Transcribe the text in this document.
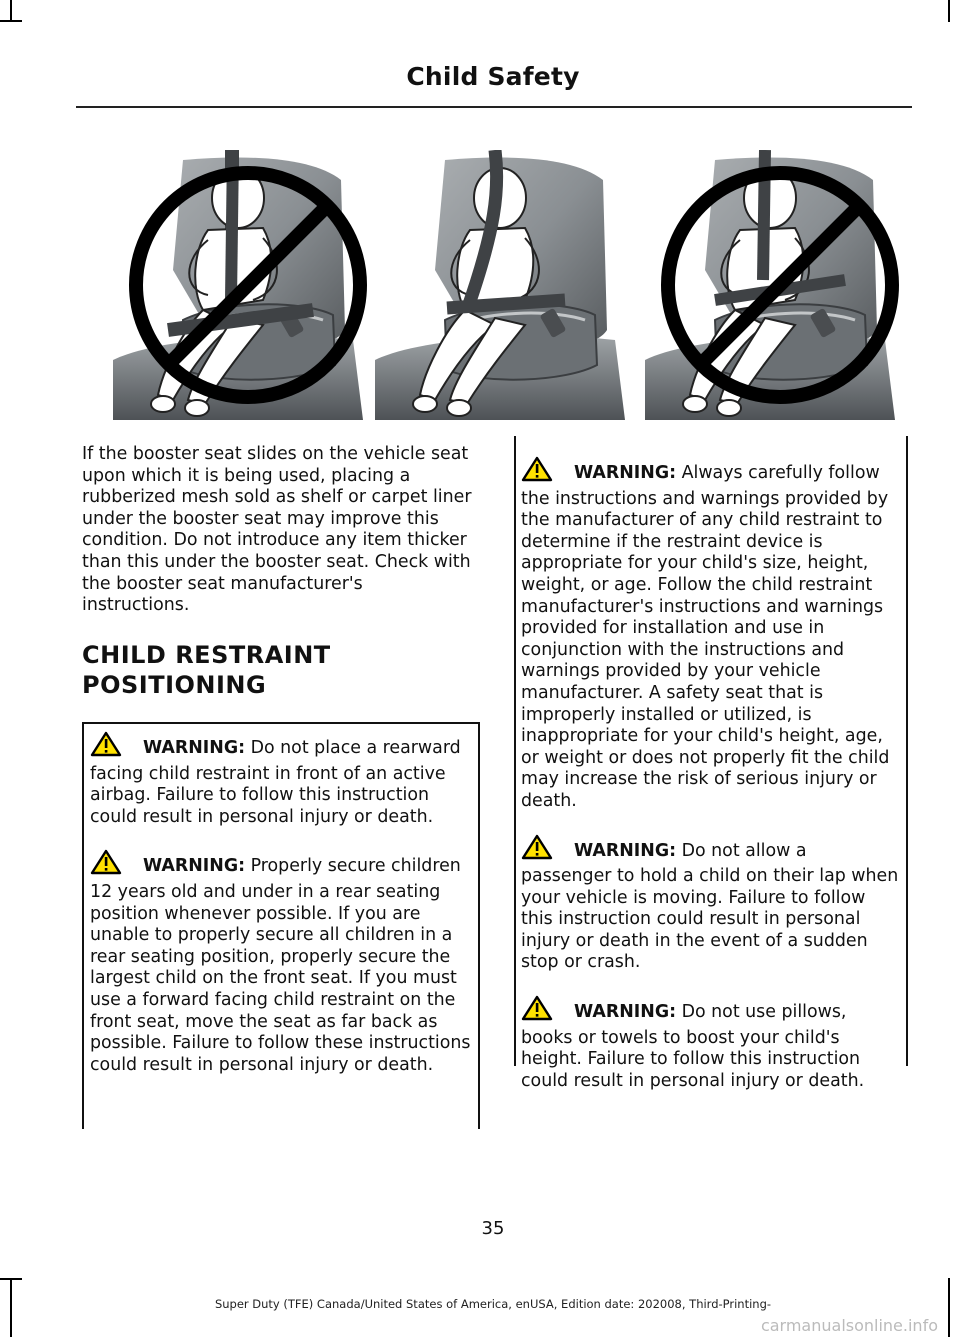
Child Safety
If the booster seat slides on the vehicle seat upon which it is being used, placing a rubberized mesh sold as shelf or carpet liner under the booster seat may improve this condition. Do not introduce any item thicker than this under the booster seat. Check with the booster seat manufacturer's instructions.
CHILD RESTRAINT
POSITIONING

WARNING: Do not place a rearward facing child restraint in front of an active airbag. Failure to follow this instruction could result in personal injury or death.

WARNING: Properly secure children 12 years old and under in a rear seating position whenever possible. If you are unable to properly secure all children in a rear seating position, properly secure the largest child on the front seat. If you must use a forward facing child restraint on the front seat, move the seat as far back as possible. Failure to follow these instructions could result in personal injury or death.

WARNING: Always carefully follow the instructions and warnings provided by the manufacturer of any child restraint to determine if the restraint device is appropriate for your child's size, height, weight, or age. Follow the child restraint manufacturer's instructions and warnings provided for installation and use in conjunction with the instructions and warnings provided by your vehicle manufacturer. A safety seat that is improperly installed or utilized, is inappropriate for your child's height, age, or weight or does not properly fit the child may increase the risk of serious injury or death.

WARNING: Do not allow a passenger to hold a child on their lap when your vehicle is moving. Failure to follow this instruction could result in personal injury or death in the event of a sudden stop or crash.

WARNING: Do not use pillows, books or towels to boost your child's height. Failure to follow this instruction could result in personal injury or death.

35
Super Duty (TFE) Canada/United States of America, enUSA, Edition date: 202008, Third-Printing-
carmanualsonline.info
